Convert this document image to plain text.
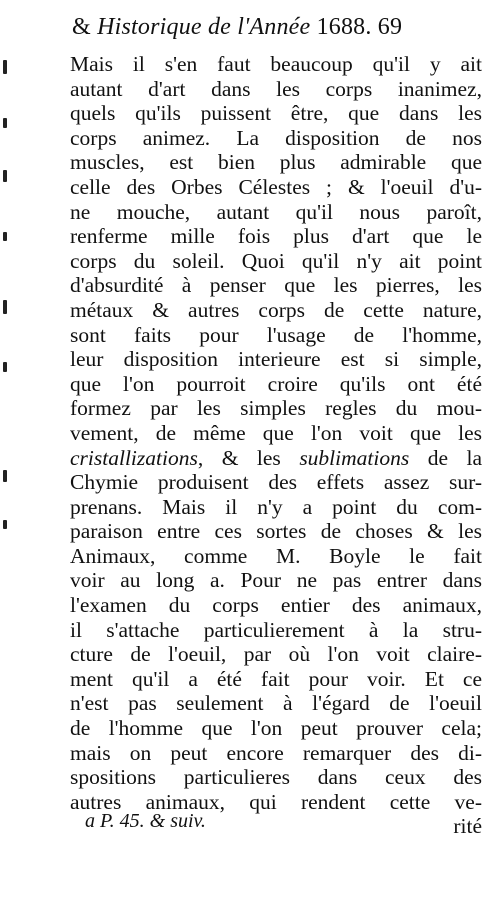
& Historique de l'Année 1688. 69
Mais il s'en faut beaucoup qu'il y ait
autant d'art dans les corps inanimez,
quels qu'ils puissent être, que dans les
corps animez. La disposition de nos
muscles, est bien plus admirable que
celle des Orbes Célestes ; & l'oeuil d'u-
ne mouche, autant qu'il nous paroît,
renferme mille fois plus d'art que le
corps du soleil. Quoi qu'il n'y ait point
d'absurdité à penser que les pierres, les
métaux & autres corps de cette nature,
sont faits pour l'usage de l'homme,
leur disposition interieure est si simple,
que l'on pourroit croire qu'ils ont été
formez par les simples regles du mou-
vement, de même que l'on voit que les
cristallizations, & les sublimations de la
Chymie produisent des effets assez sur-
prenans. Mais il n'y a point du com-
paraison entre ces sortes de choses & les
Animaux, comme M. Boyle le fait
voir au long a. Pour ne pas entrer dans
l'examen du corps entier des animaux,
il s'attache particulierement à la stru-
cture de l'oeuil, par où l'on voit claire-
ment qu'il a été fait pour voir. Et ce
n'est pas seulement à l'égard de l'oeuil
de l'homme que l'on peut prouver cela;
mais on peut encore remarquer des di-
spositions particulieres dans ceux des
autres animaux, qui rendent cette ve-
rité
a P. 45. & suiv.
